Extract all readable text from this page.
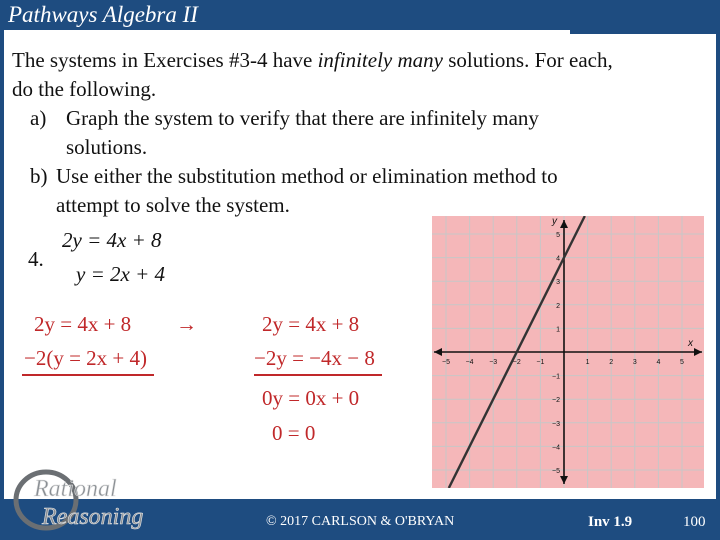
Pathways Algebra II
The systems in Exercises #3-4 have infinitely many solutions. For each,
do the following.
a) Graph the system to verify that there are infinitely many
solutions.
b) Use either the substitution method or elimination method to
attempt to solve the system.
4.
2y = 4x + 8
y = 2x + 4
2y = 4x + 8
−2(y = 2x + 4)
→	2y = 4x + 8
−2y = −4x − 8
0y = 0x + 0
0 = 0
x
y
−5 −4 −3 −2 −1	1	2	3	4	5
5
4
3
2
1
−1
−2
−3
−4
−5
Rational
Reasoning	© 2017 CARLSON & O'BRYAN	Inv 1.9	100
